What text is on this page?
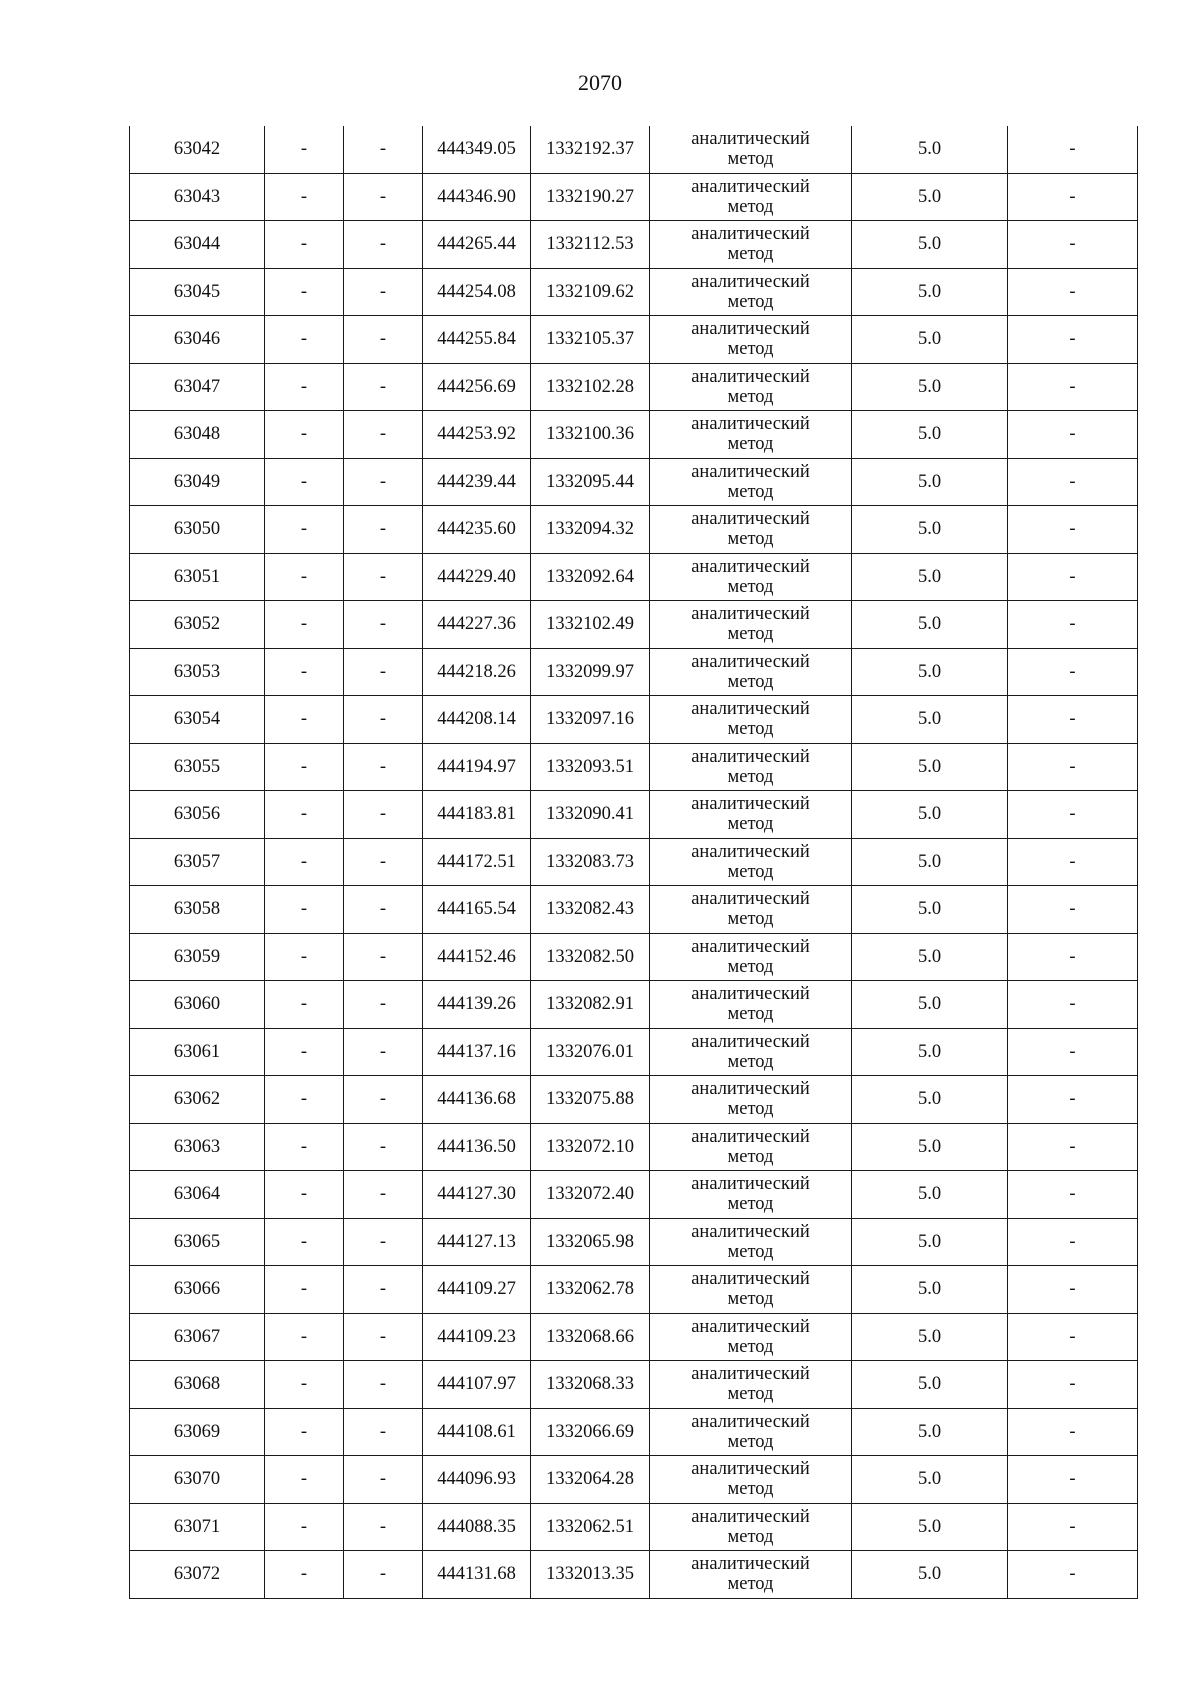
2070
63042	-	-	444349.05	1332192.37	аналитический
метод	5.0	-
63043	-	-	444346.90	1332190.27	аналитический
метод	5.0	-
63044	-	-	444265.44	1332112.53	аналитический
метод	5.0	-
63045	-	-	444254.08	1332109.62	аналитический
метод	5.0	-
63046	-	-	444255.84	1332105.37	аналитический
метод	5.0	-
63047	-	-	444256.69	1332102.28	аналитический
метод	5.0	-
63048	-	-	444253.92	1332100.36	аналитический
метод	5.0	-
63049	-	-	444239.44	1332095.44	аналитический
метод	5.0	-
63050	-	-	444235.60	1332094.32	аналитический
метод	5.0	-
63051	-	-	444229.40	1332092.64	аналитический
метод	5.0	-
63052	-	-	444227.36	1332102.49	аналитический
метод	5.0	-
63053	-	-	444218.26	1332099.97	аналитический
метод	5.0	-
63054	-	-	444208.14	1332097.16	аналитический
метод	5.0	-
63055	-	-	444194.97	1332093.51	аналитический
метод	5.0	-
63056	-	-	444183.81	1332090.41	аналитический
метод	5.0	-
63057	-	-	444172.51	1332083.73	аналитический
метод	5.0	-
63058	-	-	444165.54	1332082.43	аналитический
метод	5.0	-
63059	-	-	444152.46	1332082.50	аналитический
метод	5.0	-
63060	-	-	444139.26	1332082.91	аналитический
метод	5.0	-
63061	-	-	444137.16	1332076.01	аналитический
метод	5.0	-
63062	-	-	444136.68	1332075.88	аналитический
метод	5.0	-
63063	-	-	444136.50	1332072.10	аналитический
метод	5.0	-
63064	-	-	444127.30	1332072.40	аналитический
метод	5.0	-
63065	-	-	444127.13	1332065.98	аналитический
метод	5.0	-
63066	-	-	444109.27	1332062.78	аналитический
метод	5.0	-
63067	-	-	444109.23	1332068.66	аналитический
метод	5.0	-
63068	-	-	444107.97	1332068.33	аналитический
метод	5.0	-
63069	-	-	444108.61	1332066.69	аналитический
метод	5.0	-
63070	-	-	444096.93	1332064.28	аналитический
метод	5.0	-
63071	-	-	444088.35	1332062.51	аналитический
метод	5.0	-
63072	-	-	444131.68	1332013.35	аналитический
метод	5.0	-
